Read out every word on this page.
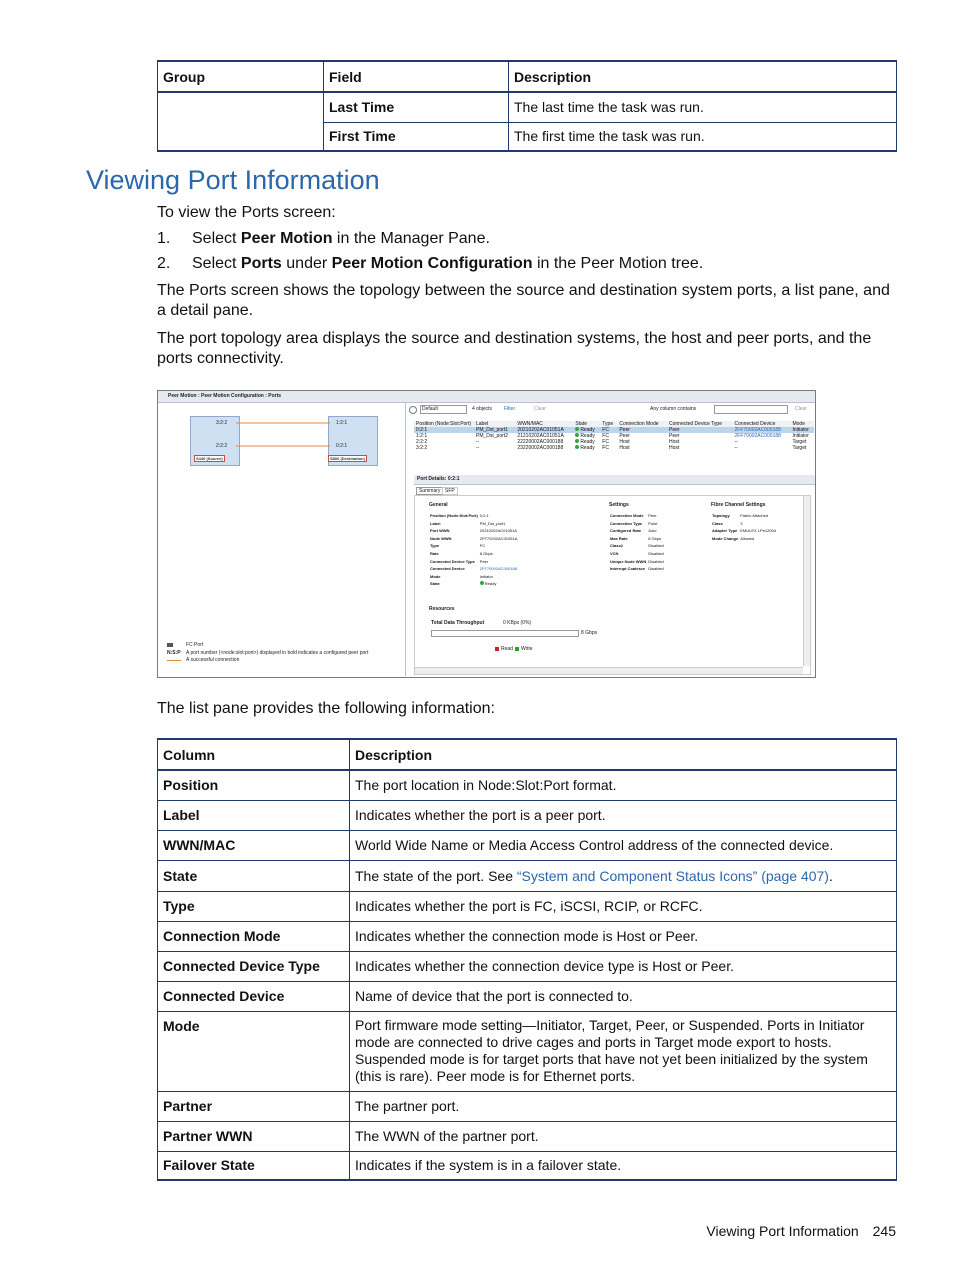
Group	Field	Description
	Last Time	The last time the task was run.
	First Time	The first time the task was run.
Viewing Port Information
To view the Ports screen:
1. Select Peer Motion in the Manager Pane.
2. Select Ports under Peer Motion Configuration in the Peer Motion tree.
The Ports screen shows the topology between the source and destination system ports, a list pane, and a detail pane.
The port topology area displays the source and destination systems, the host and peer ports, and the ports connectivity.
Peer Motion : Peer Motion Configuration : Ports
3:2:2
2:2:2
1:2:1
0:2:1
S440 (Source)	S800 (Destination)
FC Port
N:S:P A port number (<node:slot:port>) displayed in bold indicates a configured peer port
A successful connection
Default	4 objects Filter	Clear	Any column contains	Clear
Position (Node:Slot:Port)	Label	WWN/MAC	State	Type	Connection Mode	Connected Device Type	Connected Device	Mode
0:2:1	PM_Dst_port1	20210202AC01051A	Ready	FC	Peer	Peer	2FF70002AC000188	Initiator
1:2:1	PM_Dst_port2	21210202AC01051A	Ready	FC	Peer	Peer	2FF70002AC000188	Initiator
2:2:2	--	22220002AC000188	Ready	FC	Host	Host	--	Target
3:2:2	--	23220002AC000188	Ready	FC	Host	Host	--	Target
Port Details: 0:2:1
Summary SFP
General
Position (Node:Slot:Port)	0:2:1
Label	PM_Dst_port1
Port WWN	20210202AC01051A
Node WWN	2FF70202AC01051A
Type	FC
Rate	8 Gbps
Connected Device Type	Peer
Connected Device	2FF70002AC000188
Mode	Initiator
State	Ready
Settings
Connection Mode	Peer
Connection Type	Point
Configured Rate	Auto
Max Rate	8 Gbps
Class2	Disabled
VCN	Disabled
Unique Node WWN	Disabled
Interrupt Coalesce	Disabled
Fibre Channel Settings
Topology	Fabric Attached
Class	3
Adapter Type	EMULEX LPe12004
Mode Change	Allowed
Resources
Total Data Throughput	0 KBps (0%)
8 Gbps
Read Write
The list pane provides the following information:
Column	Description
Position	The port location in Node:Slot:Port format.
Label	Indicates whether the port is a peer port.
WWN/MAC	World Wide Name or Media Access Control address of the connected device.
State	The state of the port. See “System and Component Status Icons” (page 407).
Type	Indicates whether the port is FC, iSCSI, RCIP, or RCFC.
Connection Mode	Indicates whether the connection mode is Host or Peer.
Connected Device Type	Indicates whether the connection device type is Host or Peer.
Connected Device	Name of device that the port is connected to.
Mode	Port firmware mode setting—Initiator, Target, Peer, or Suspended. Ports in Initiator mode are connected to drive cages and ports in Target mode export to hosts. Suspended mode is for target ports that have not yet been initialized by the system (this is rare). Peer mode is for Ethernet ports.
Partner	The partner port.
Partner WWN	The WWN of the partner port.
Failover State	Indicates if the system is in a failover state.
Viewing Port Information 245
